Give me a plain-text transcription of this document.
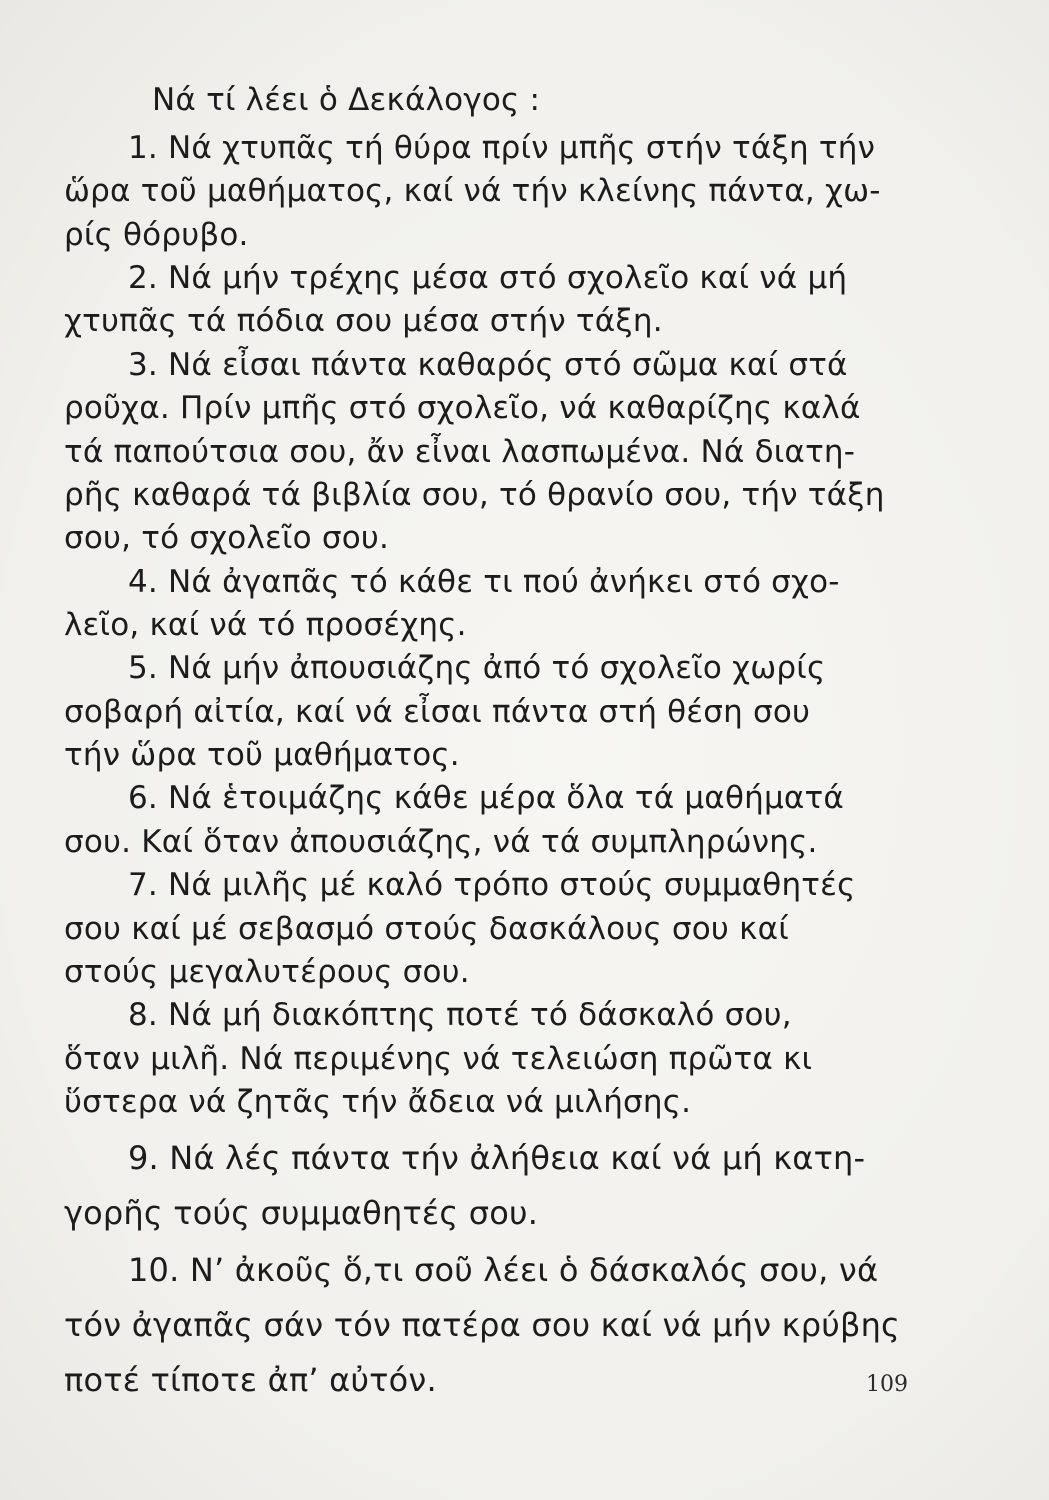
Νά τί λέει ὁ Δεκάλογος :
1. Νά χτυπᾶς τή θύρα πρίν μπῆς στήν τάξη τήν
ὥρα τοῦ μαθήματος, καί νά τήν κλείνης πάντα, χω-
ρίς θόρυβο.
2. Νά μήν τρέχης μέσα στό σχολεῖο καί νά μή
χτυπᾶς τά πόδια σου μέσα στήν τάξη.
3. Νά εἶσαι πάντα καθαρός στό σῶμα καί στά
ροῦχα. Πρίν μπῆς στό σχολεῖο, νά καθαρίζης καλά
τά παπούτσια σου, ἄν εἶναι λασπωμένα. Νά διατη-
ρῆς καθαρά τά βιβλία σου, τό θρανίο σου, τήν τάξη
σου, τό σχολεῖο σου.
4. Νά ἀγαπᾶς τό κάθε τι πού ἀνήκει στό σχο-
λεῖο, καί νά τό προσέχης.
5. Νά μήν ἀπουσιάζης ἀπό τό σχολεῖο χωρίς
σοβαρή αἰτία, καί νά εἶσαι πάντα στή θέση σου
τήν ὥρα τοῦ μαθήματος.
6. Νά ἑτοιμάζης κάθε μέρα ὅλα τά μαθήματά
σου. Καί ὅταν ἀπουσιάζης, νά τά συμπληρώνης.
7. Νά μιλῆς μέ καλό τρόπο στούς συμμαθητές
σου καί μέ σεβασμό στούς δασκάλους σου καί
στούς μεγαλυτέρους σου.
8. Νά μή διακόπτης ποτέ τό δάσκαλό σου,
ὅταν μιλῆ. Νά περιμένης νά τελειώση πρῶτα κι
ὕστερα νά ζητᾶς τήν ἄδεια νά μιλήσης.
9. Νά λές πάντα τήν ἀλήθεια καί νά μή κατη-
γορῆς τούς συμμαθητές σου.
10. Ν’ ἀκοῦς ὅ,τι σοῦ λέει ὁ δάσκαλός σου, νά
τόν ἀγαπᾶς σάν τόν πατέρα σου καί νά μήν κρύβης
ποτέ τίποτε ἀπ’ αὐτόν.	109
